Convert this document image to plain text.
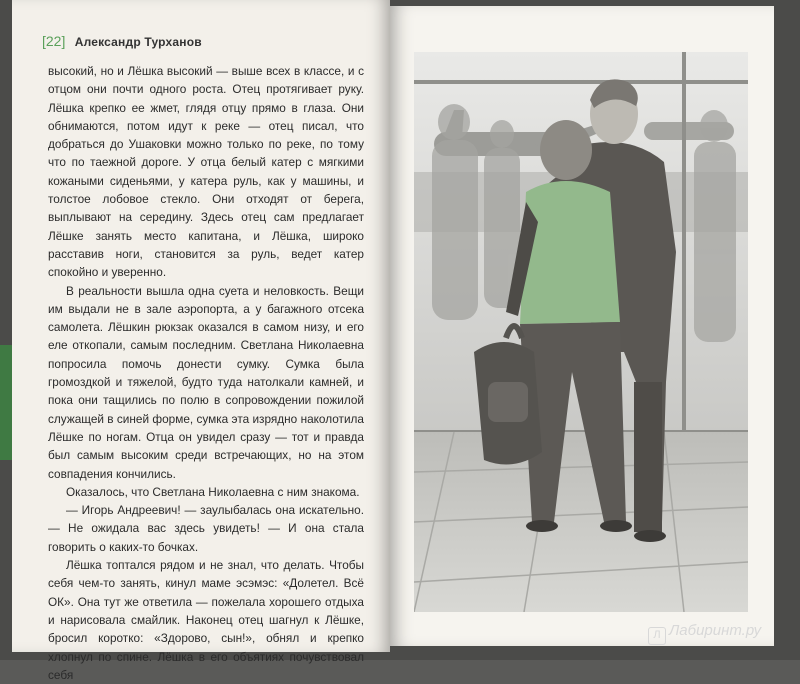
[22] Александр Турханов

высокий, но и Лёшка высокий — выше всех в классе, и с отцом они почти одного роста. Отец протягивает руку. Лёшка крепко ее жмет, глядя отцу прямо в глаза. Они обнимаются, потом идут к реке — отец писал, что добраться до Ушаковки можно только по реке, по тому что по таежной дороге. У отца белый катер с мягкими кожаными сиденьями, у катера руль, как у машины, и толстое лобовое стекло. Они отходят от берега, выплывают на середину. Здесь отец сам предлагает Лёшке занять место капитана, и Лёшка, широко расставив ноги, становится за руль, ведет катер спокойно и уверенно.

В реальности вышла одна суета и неловкость. Вещи им выдали не в зале аэропорта, а у багажного отсека самолета. Лёшкин рюкзак оказался в самом низу, и его еле откопали, самым последним. Светлана Николаевна попросила помочь донести сумку. Сумка была громоздкой и тяжелой, будто туда натолкали камней, и пока они тащились по полю в сопровождении пожилой служащей в синей форме, сумка эта изрядно наколотила Лёшке по ногам. Отца он увидел сразу — тот и правда был самым высоким среди встречающих, но на этом совпадения кончились.

Оказалось, что Светлана Николаевна с ним знакома.

— Игорь Андреевич! — заулыбалась она искательно. — Не ожидала вас здесь увидеть! — И она стала говорить о каких-то бочках.

Лёшка топтался рядом и не знал, что делать. Чтобы себя чем-то занять, кинул маме эсэмэс: «Долетел. Всё ОК». Она тут же ответила — пожелала хорошего отдыха и нарисовала смайлик. Наконец отец шагнул к Лёшке, бросил коротко: «Здорово, сын!», обнял и крепко хлопнул по спине. Лёшка в его объятиях почувствовал себя

Л Лабиринт.ру
